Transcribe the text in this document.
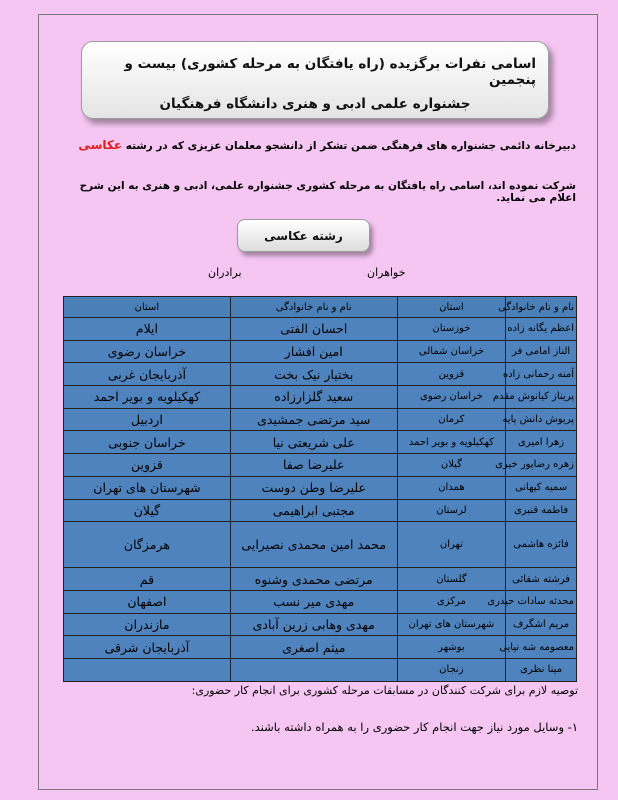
اسامی نفرات برگزیده (راه یافتگان به مرحله کشوری) بیست و پنجمین
جشنواره علمی ادبی و هنری دانشگاه فرهنگیان
دبیرخانه دائمی جشنواره های فرهنگی ضمن تشکر از دانشجو معلمان عزیزی که در رشته عکاسی
شرکت نموده اند، اسامی راه یافتگان به مرحله کشوری جشنواره علمی، ادبی و هنری به این شرح اعلام می نماید.
رشته عکاسی
خواهران
برادران
نام و نام خانوادگی	استان	نام و نام خانوادگی	استان
اعظم یگانه زاده	خوزستان	احسان الفتی	ایلام
الناز امامی فر	خراسان شمالی	امین افشار	خراسان رضوی
آمنه رحمانی زاده	قزوین	بختیار نیک بخت	آذربایجان غربی
پریناز کیانوش مقدم	خراسان رضوی	سعید گلزارزاده	کهکیلویه و بویر احمد
پریوش دانش پایه	کرمان	سید مرتضی جمشیدی	اردبیل
زهرا امیری	کهکیلویه و بویر احمد	علی شریعتی نیا	خراسان جنوبی
زهره رضاپور خیری	گیلان	علیرضا صفا	قزوین
سمیه کیهانی	همدان	علیرضا وطن دوست	شهرستان های تهران
فاطمه قنبری	لرستان	مجتبی ابراهیمی	گیلان
فائزه هاشمی	تهران	محمد امین محمدی نصیرایی	هرمزگان
فرشته شفائی	گلستان	مرتضی محمدی وشنوه	قم
محدثه سادات حیدری	مرکزی	مهدی میر نسب	اصفهان
مریم اشگرف	شهرستان های تهران	مهدی وهابی زرین آبادی	مازندران
معصومه شه نیایی	بوشهر	میثم اصغری	آذربایجان شرقی
مینا نظری	زنجان		
توصیه لازم برای شرکت کنندگان در مسابقات مرحله کشوری برای انجام کار حضوری:
۱- وسایل مورد نیاز جهت انجام کار حضوری را به همراه داشته باشند.
